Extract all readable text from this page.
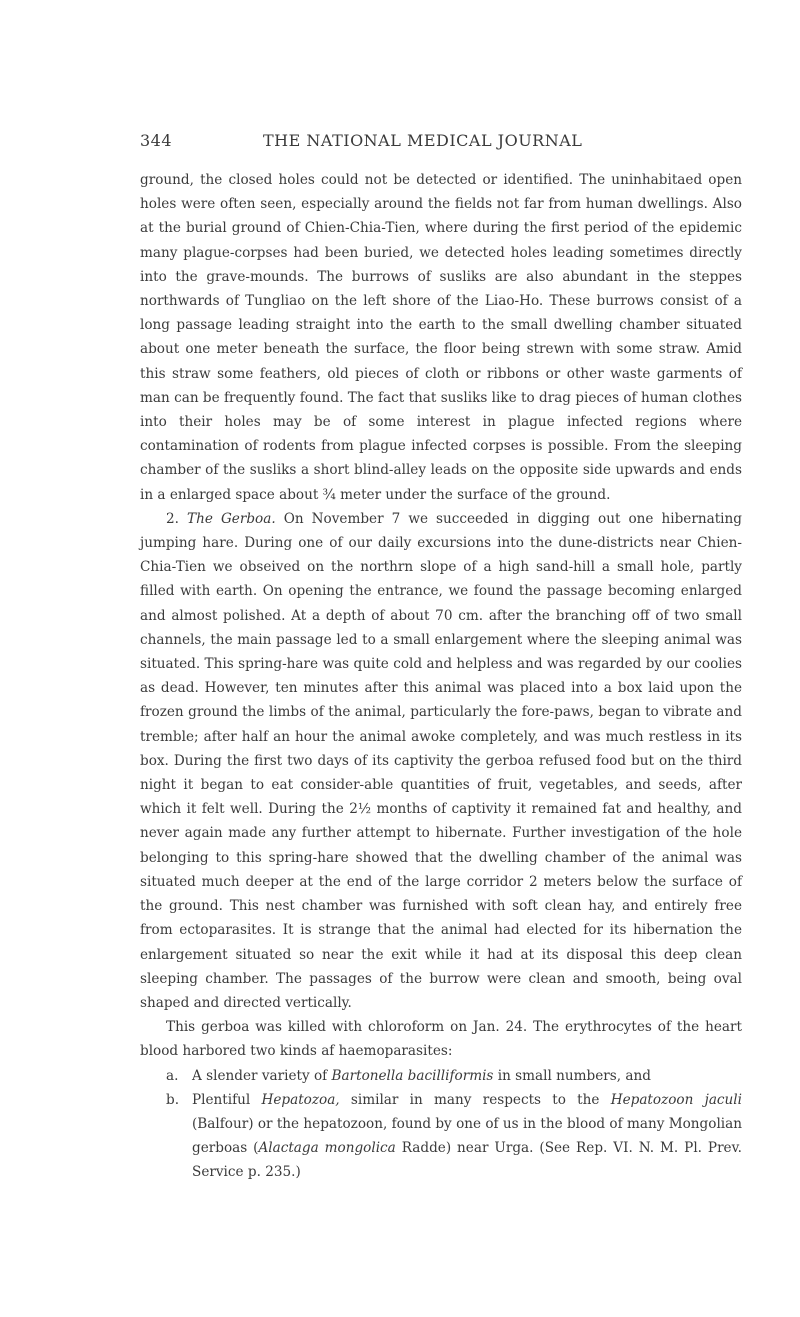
344	THE NATIONAL MEDICAL JOURNAL

ground, the closed holes could not be detected or identified. The uninhabitaed open holes were often seen, especially around the fields not far from human dwellings. Also at the burial ground of Chien-Chia-Tien, where during the first period of the epidemic many plague-corpses had been buried, we detected holes leading sometimes directly into the grave-mounds. The burrows of susliks are also abundant in the steppes northwards of Tungliao on the left shore of the Liao-Ho. These burrows consist of a long passage leading straight into the earth to the small dwelling chamber situated about one meter beneath the surface, the floor being strewn with some straw. Amid this straw some feathers, old pieces of cloth or ribbons or other waste garments of man can be frequently found. The fact that susliks like to drag pieces of human clothes into their holes may be of some interest in plague infected regions where contamination of rodents from plague infected corpses is possible. From the sleeping chamber of the susliks a short blind-alley leads on the opposite side upwards and ends in a enlarged space about ¾ meter under the surface of the ground.

2. The Gerboa. On November 7 we succeeded in digging out one hibernating jumping hare. During one of our daily excursions into the dune-districts near Chien-Chia-Tien we obseived on the northrn slope of a high sand-hill a small hole, partly filled with earth. On opening the entrance, we found the passage becoming enlarged and almost polished. At a depth of about 70 cm. after the branching off of two small channels, the main passage led to a small enlargement where the sleeping animal was situated. This spring-hare was quite cold and helpless and was regarded by our coolies as dead. However, ten minutes after this animal was placed into a box laid upon the frozen ground the limbs of the animal, particularly the fore-paws, began to vibrate and tremble; after half an hour the animal awoke completely, and was much restless in its box. During the first two days of its captivity the gerboa refused food but on the third night it began to eat consider-able quantities of fruit, vegetables, and seeds, after which it felt well. During the 2½ months of captivity it remained fat and healthy, and never again made any further attempt to hibernate. Further investigation of the hole belonging to this spring-hare showed that the dwelling chamber of the animal was situated much deeper at the end of the large corridor 2 meters below the surface of the ground. This nest chamber was furnished with soft clean hay, and entirely free from ectoparasites. It is strange that the animal had elected for its hibernation the enlargement situated so near the exit while it had at its disposal this deep clean sleeping chamber. The passages of the burrow were clean and smooth, being oval shaped and directed vertically.

This gerboa was killed with chloroform on Jan. 24. The erythrocytes of the heart blood harbored two kinds af haemoparasites:

a. A slender variety of Bartonella bacilliformis in small numbers, and
b. Plentiful Hepatozoa, similar in many respects to the Hepatozoon jaculi (Balfour) or the hepatozoon, found by one of us in the blood of many Mongolian gerboas (Alactaga mongolica Radde) near Urga. (See Rep. VI. N. M. Pl. Prev. Service p. 235.)
